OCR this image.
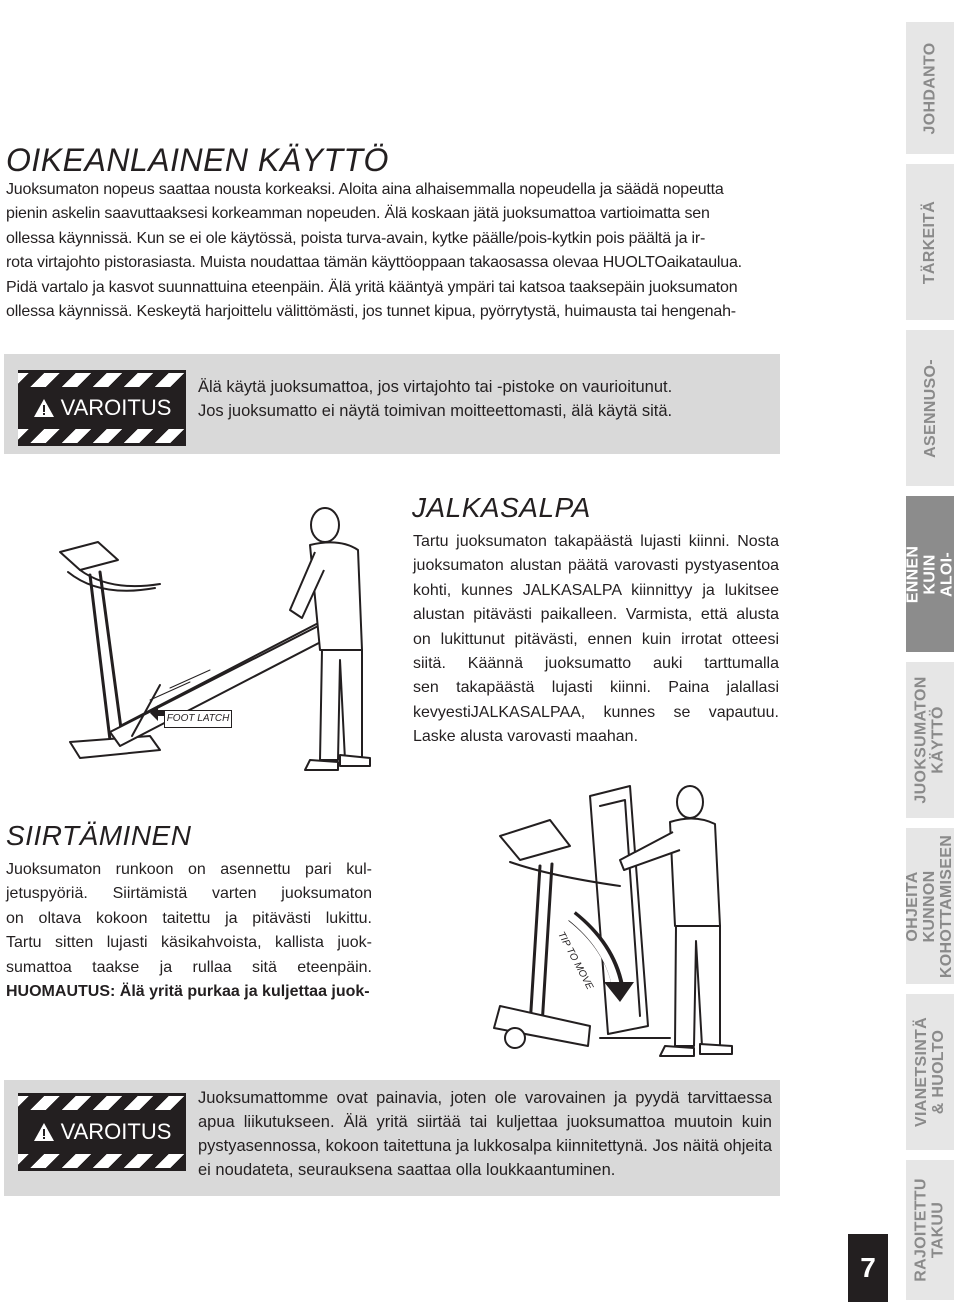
OIKEANLAINEN KÄYTTÖ
Juoksumaton nopeus saattaa nousta korkeaksi. Aloita aina alhaisemmalla nopeudella ja säädä nopeutta
pienin askelin saavuttaaksesi korkeamman nopeuden. Älä koskaan jätä juoksumattoa vartioimatta sen
ollessa käynnissä. Kun se ei ole käytössä, poista turva-avain, kytke päälle/pois-kytkin pois päältä ja ir-
rota virtajohto pistorasiasta. Muista noudattaa tämän käyttöoppaan takaosassa olevaa HUOLTOaikataulua.
Pidä vartalo ja kasvot suunnattuina eteenpäin. Älä yritä kääntyä ympäri tai katsoa taaksepäin juoksumaton
ollessa käynnissä. Keskeytä harjoittelu välittömästi, jos tunnet kipua, pyörrytystä, huimausta tai hengenah-
VAROITUS
Älä käytä juoksumattoa, jos virtajohto tai -pistoke on vaurioitunut.
Jos juoksumatto ei näytä toimivan moitteettomasti, älä käytä sitä.
FOOT LATCH
JALKASALPA
Tartu juoksumaton takapäästä lujasti kiinni. Nosta
juoksumaton alustan päätä varovasti pystyasentoa
kohti, kunnes JALKASALPA kiinnittyy ja lukitsee
alustan pitävästi paikalleen. Varmista, että alusta
on lukittunut pitävästi, ennen kuin irrotat otteesi
siitä. Käännä juoksumatto auki tarttumalla
sen takapäästä lujasti kiinni. Paina jalallasi
kevyestiJALKASALPAA, kunnes se vapautuu.
Laske alusta varovasti maahan.
SIIRTÄMINEN
Juoksumaton runkoon on asennettu pari kul-
jetuspyöriä. Siirtämistä varten juoksumaton
on oltava kokoon taitettu ja pitävästi lukittu.
Tartu sitten lujasti käsikahvoista, kallista juok-
sumattoa taakse ja rullaa sitä eteenpäin.
HUOMAUTUS: Älä yritä purkaa ja kuljettaa juok-	TIP TO MOVE
VAROITUS
Juoksumattomme ovat painavia, joten ole varovainen ja pyydä tarvittaessa
apua liikutukseen. Älä yritä siirtää tai kuljettaa juoksumattoa muutoin kuin
pystyasennossa, kokoon taitettuna ja lukkosalpa kiinnitettynä. Jos näitä ohjeita
ei noudateta, seurauksena saattaa olla loukkaantuminen.
JOHDANTO
TÄRKEITÄ
ASENNUSO-
ENNEN KUIN ALOI-
JUOKSUMATON KÄYTTÖ
OHJEITA KUNNON KOHOTTAMISEEN
VIANETSINTÄ & HUOLTO
RAJOITETTU TAKUU
7
